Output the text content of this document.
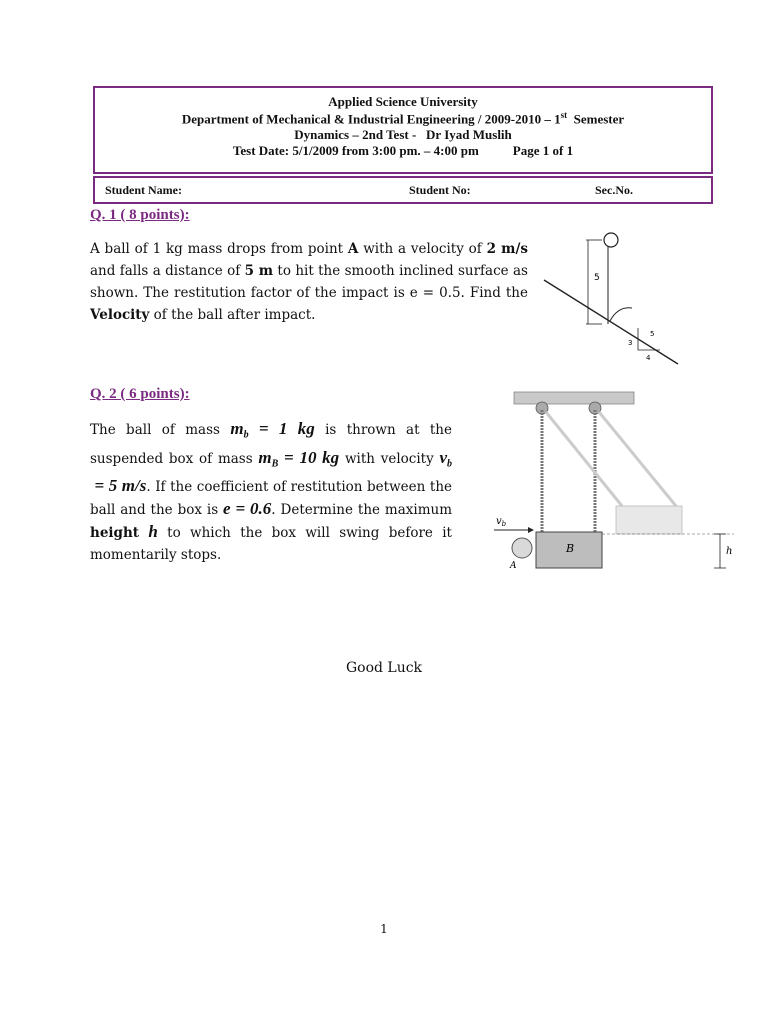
Applied Science University
Department of Mechanical & Industrial Engineering / 2009-2010 – 1st  Semester
Dynamics – 2nd Test -   Dr Iyad Muslih
Test Date: 5/1/2009 from 3:00 pm. – 4:00 pm	Page 1 of 1
Student Name:	Student No:	Sec.No.
Q. 1 ( 8 points):
A ball of 1 kg mass drops from point A with a velocity of 2 m/s and falls a distance of 5 m to hit the smooth inclined surface as shown. The restitution factor of the impact is e = 0.5. Find the Velocity of the ball after impact.
5
3
4
5
Q. 2 ( 6 points):
The ball of mass $m_b = 1$ kg is thrown at the suspended box of mass $m_B = 10$ kg with velocity $v_b = 5$ m/s. If the coefficient of restitution between the ball and the box is e = 0.6. Determine the maximum height h to which the box will swing before it momentarily stops.	B
A
$v_b$
h
Good Luck
1
